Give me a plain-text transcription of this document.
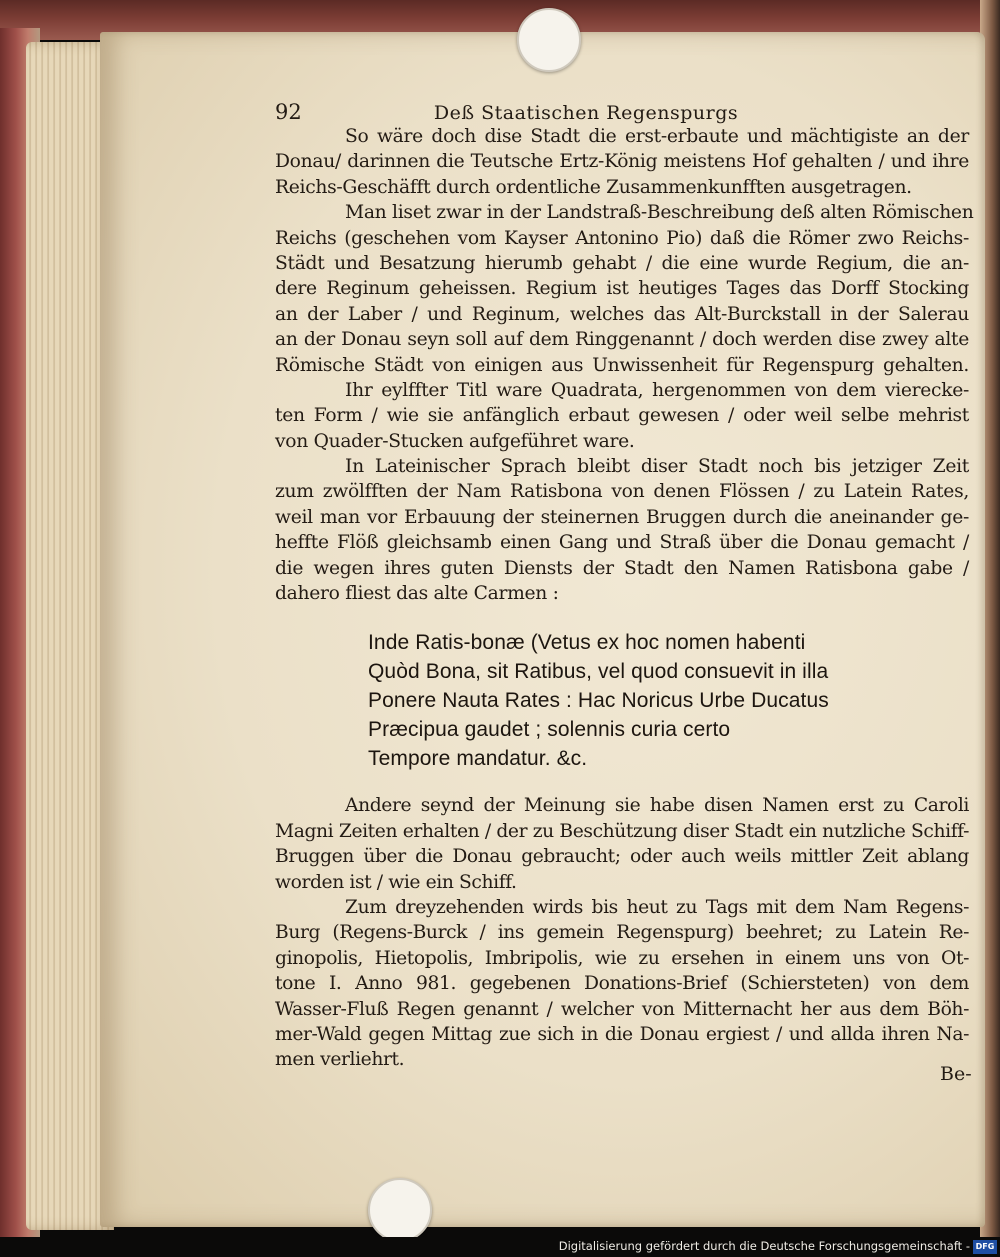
92	Deß Staatischen Regenspurgs
So wäre doch dise Stadt die erst-erbaute und mächtigiste an der
Donau/ darinnen die Teutsche Ertz-König meistens Hof gehalten / und ihre
Reichs-Geschäfft durch ordentliche Zusammenkunfften ausgetragen.
Man liset zwar in der Landstraß-Beschreibung deß alten Römischen
Reichs (geschehen vom Kayser Antonino Pio) daß die Römer zwo Reichs-
Städt und Besatzung hierumb gehabt / die eine wurde Regium, die an-
dere Reginum geheissen. Regium ist heutiges Tages das Dorff Stocking
an der Laber / und Reginum, welches das Alt-Burckstall in der Salerau
an der Donau seyn soll auf dem Ringgenannt / doch werden dise zwey alte
Römische Städt von einigen aus Unwissenheit für Regenspurg gehalten.
Ihr eylffter Titl ware Quadrata, hergenommen von dem vierecke-
ten Form / wie sie anfänglich erbaut gewesen / oder weil selbe mehrist
von Quader-Stucken aufgeführet ware.
In Lateinischer Sprach bleibt diser Stadt noch bis jetziger Zeit
zum zwölfften der Nam Ratisbona von denen Flössen / zu Latein Rates,
weil man vor Erbauung der steinernen Bruggen durch die aneinander ge-
heffte Flöß gleichsamb einen Gang und Straß über die Donau gemacht /
die wegen ihres guten Diensts der Stadt den Namen Ratisbona gabe /
dahero fliest das alte Carmen :
Inde Ratis-bonæ (Vetus ex hoc nomen habenti
Quòd Bona, sit Ratibus, vel quod consuevit in illa
Ponere Nauta Rates : Hac Noricus Urbe Ducatus
Præcipua gaudet ; solennis curia certo
Tempore mandatur. &c.
Andere seynd der Meinung sie habe disen Namen erst zu Caroli
Magni Zeiten erhalten / der zu Beschützung diser Stadt ein nutzliche Schiff-
Bruggen über die Donau gebraucht; oder auch weils mittler Zeit ablang
worden ist / wie ein Schiff.
Zum dreyzehenden wirds bis heut zu Tags mit dem Nam Regens-
Burg (Regens-Burck / ins gemein Regenspurg) beehret; zu Latein Re-
ginopolis, Hietopolis, Imbripolis, wie zu ersehen in einem uns von Ot-
tone I. Anno 981. gegebenen Donations-Brief (Schiersteten) von dem
Wasser-Fluß Regen genannt / welcher von Mitternacht her aus dem Böh-
mer-Wald gegen Mittag zue sich in die Donau ergiest / und allda ihren Na-
men verliehrt.
Be-
Digitalisierung gefördert durch die Deutsche Forschungsgemeinschaft - DFG
